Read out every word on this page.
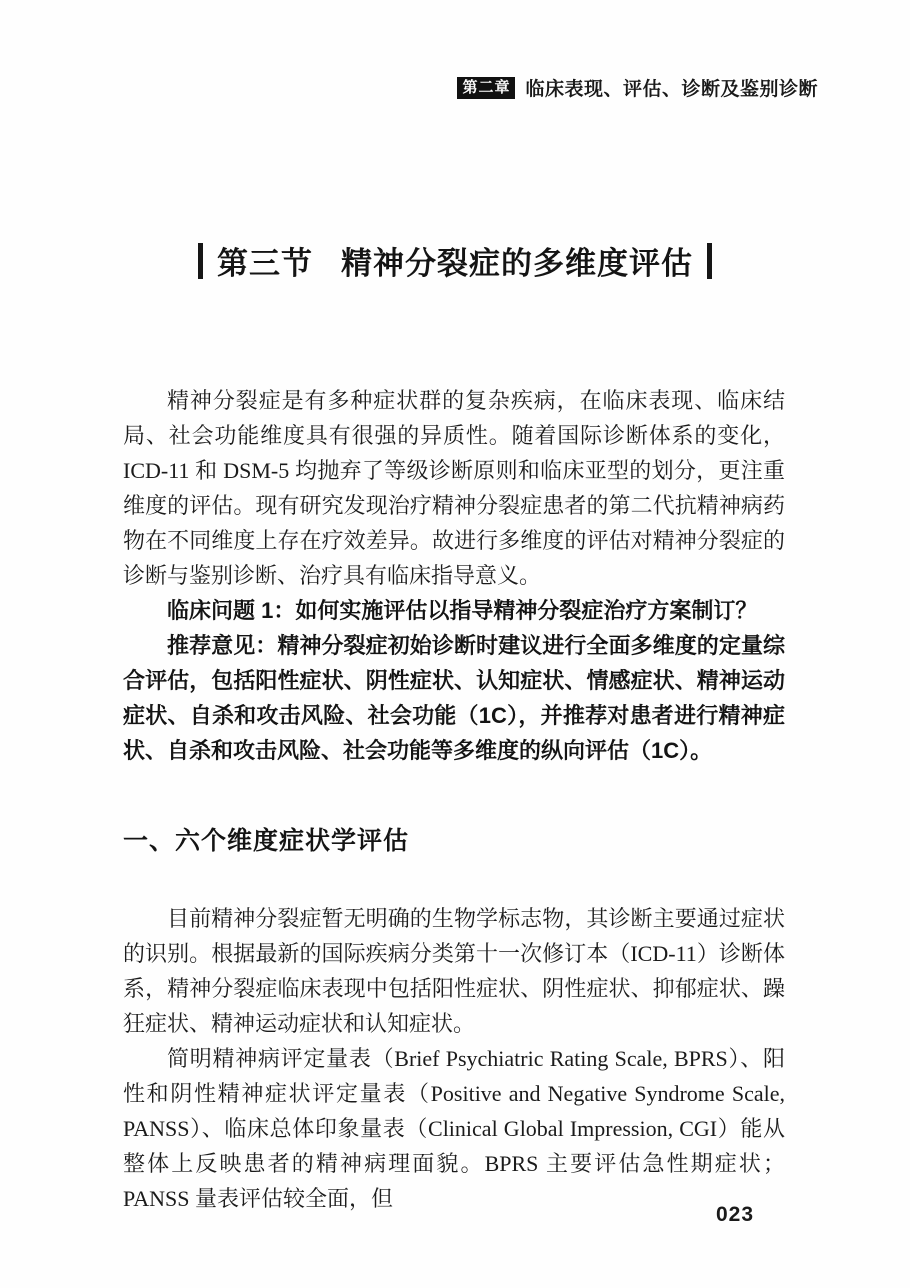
第二章 临床表现、评估、诊断及鉴别诊断
第三节 精神分裂症的多维度评估

精神分裂症是有多种症状群的复杂疾病，在临床表现、临床结局、社会功能维度具有很强的异质性。随着国际诊断体系的变化，ICD-11 和 DSM-5 均抛弃了等级诊断原则和临床亚型的划分，更注重维度的评估。现有研究发现治疗精神分裂症患者的第二代抗精神病药物在不同维度上存在疗效差异。故进行多维度的评估对精神分裂症的诊断与鉴别诊断、治疗具有临床指导意义。

临床问题 1：如何实施评估以指导精神分裂症治疗方案制订？

推荐意见：精神分裂症初始诊断时建议进行全面多维度的定量综合评估，包括阳性症状、阴性症状、认知症状、情感症状、精神运动症状、自杀和攻击风险、社会功能（1C），并推荐对患者进行精神症状、自杀和攻击风险、社会功能等多维度的纵向评估（1C）。

一、六个维度症状学评估

目前精神分裂症暂无明确的生物学标志物，其诊断主要通过症状的识别。根据最新的国际疾病分类第十一次修订本（ICD-11）诊断体系，精神分裂症临床表现中包括阳性症状、阴性症状、抑郁症状、躁狂症状、精神运动症状和认知症状。

简明精神病评定量表（Brief Psychiatric Rating Scale, BPRS）、阳性和阴性精神症状评定量表（Positive and Negative Syndrome Scale, PANSS）、临床总体印象量表（Clinical Global Impression, CGI）能从整体上反映患者的精神病理面貌。BPRS 主要评估急性期症状；PANSS 量表评估较全面，但

023
